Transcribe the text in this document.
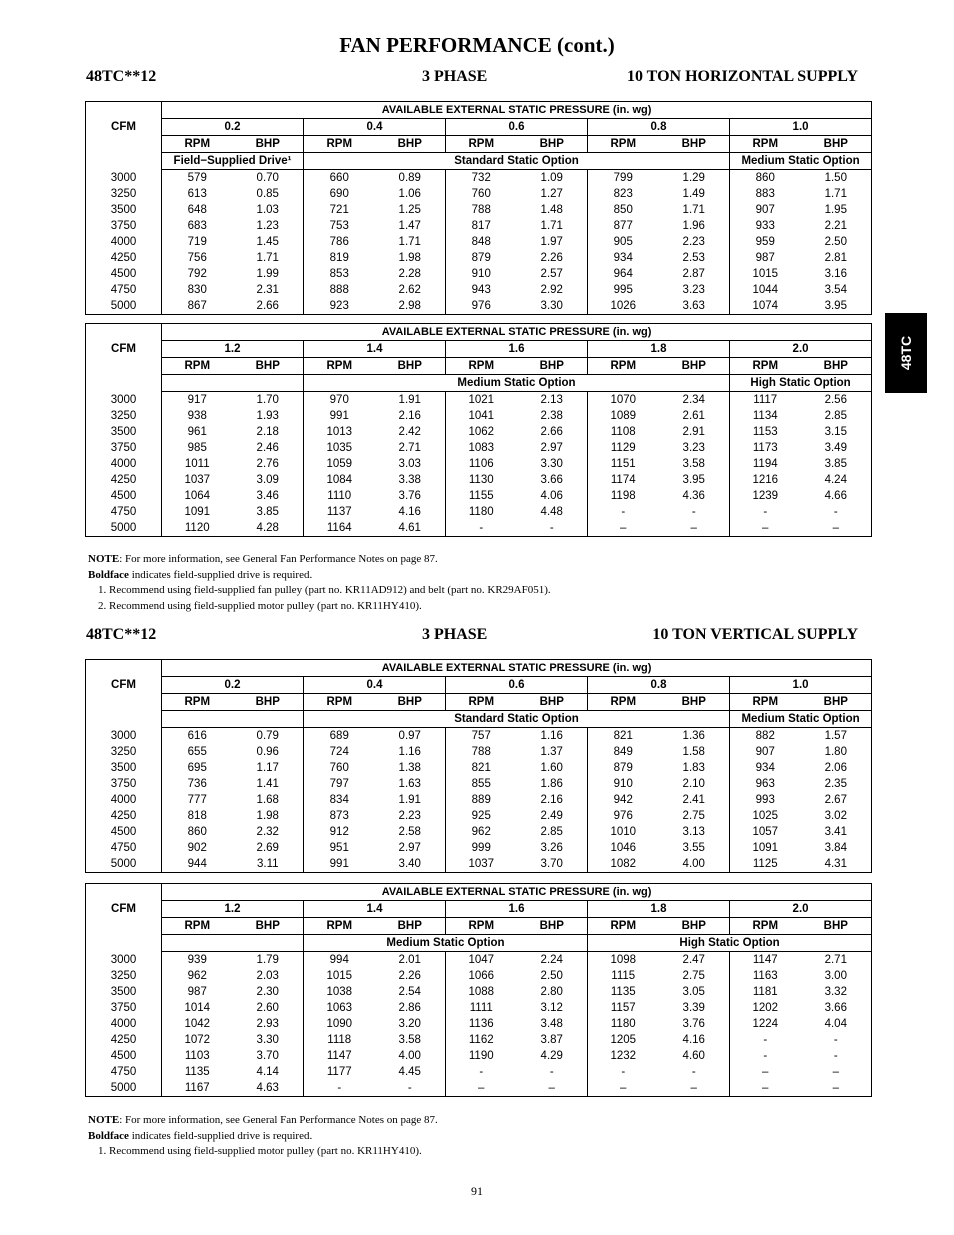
FAN PERFORMANCE (cont.)
48TC**12	3 PHASE	10 TON HORIZONTAL SUPPLY
CFM	AVAILABLE EXTERNAL STATIC PRESSURE (in. wg)									
	0.2		0.4		0.6		0.8		1.0	
	RPM	BHP	RPM	BHP	RPM	BHP	RPM	BHP	RPM	BHP
	Field−Supplied Drive¹		Standard Static Option						Medium Static Option	
3000	579	0.70	660	0.89	732	1.09	799	1.29	860	1.50
3250	613	0.85	690	1.06	760	1.27	823	1.49	883	1.71
3500	648	1.03	721	1.25	788	1.48	850	1.71	907	1.95
3750	683	1.23	753	1.47	817	1.71	877	1.96	933	2.21
4000	719	1.45	786	1.71	848	1.97	905	2.23	959	2.50
4250	756	1.71	819	1.98	879	2.26	934	2.53	987	2.81
4500	792	1.99	853	2.28	910	2.57	964	2.87	1015	3.16
4750	830	2.31	888	2.62	943	2.92	995	3.23	1044	3.54
5000	867	2.66	923	2.98	976	3.30	1026	3.63	1074	3.95
CFM	AVAILABLE EXTERNAL STATIC PRESSURE (in. wg)									
	1.2		1.4		1.6		1.8		2.0	
	RPM	BHP	RPM	BHP	RPM	BHP	RPM	BHP	RPM	BHP
			Medium Static Option						High Static Option	
3000	917	1.70	970	1.91	1021	2.13	1070	2.34	1117	2.56
3250	938	1.93	991	2.16	1041	2.38	1089	2.61	1134	2.85
3500	961	2.18	1013	2.42	1062	2.66	1108	2.91	1153	3.15
3750	985	2.46	1035	2.71	1083	2.97	1129	3.23	1173	3.49
4000	1011	2.76	1059	3.03	1106	3.30	1151	3.58	1194	3.85
4250	1037	3.09	1084	3.38	1130	3.66	1174	3.95	1216	4.24
4500	1064	3.46	1110	3.76	1155	4.06	1198	4.36	1239	4.66
4750	1091	3.85	1137	4.16	1180	4.48	-	-	-	-
5000	1120	4.28	1164	4.61	-	-	–	–	–	–
NOTE: For more information, see General Fan Performance Notes on page 87.
Boldface indicates field-supplied drive is required.
1. Recommend using field-supplied fan pulley (part no. KR11AD912) and belt (part no. KR29AF051).
2. Recommend using field-supplied motor pulley (part no. KR11HY410).
48TC**12	3 PHASE	10 TON VERTICAL SUPPLY
CFM	AVAILABLE EXTERNAL STATIC PRESSURE (in. wg)									
	0.2		0.4		0.6		0.8		1.0	
	RPM	BHP	RPM	BHP	RPM	BHP	RPM	BHP	RPM	BHP
			Standard Static Option						Medium Static Option	
3000	616	0.79	689	0.97	757	1.16	821	1.36	882	1.57
3250	655	0.96	724	1.16	788	1.37	849	1.58	907	1.80
3500	695	1.17	760	1.38	821	1.60	879	1.83	934	2.06
3750	736	1.41	797	1.63	855	1.86	910	2.10	963	2.35
4000	777	1.68	834	1.91	889	2.16	942	2.41	993	2.67
4250	818	1.98	873	2.23	925	2.49	976	2.75	1025	3.02
4500	860	2.32	912	2.58	962	2.85	1010	3.13	1057	3.41
4750	902	2.69	951	2.97	999	3.26	1046	3.55	1091	3.84
5000	944	3.11	991	3.40	1037	3.70	1082	4.00	1125	4.31
CFM	AVAILABLE EXTERNAL STATIC PRESSURE (in. wg)									
	1.2		1.4		1.6		1.8		2.0	
	RPM	BHP	RPM	BHP	RPM	BHP	RPM	BHP	RPM	BHP
			Medium Static Option				High Static Option			
3000	939	1.79	994	2.01	1047	2.24	1098	2.47	1147	2.71
3250	962	2.03	1015	2.26	1066	2.50	1115	2.75	1163	3.00
3500	987	2.30	1038	2.54	1088	2.80	1135	3.05	1181	3.32
3750	1014	2.60	1063	2.86	1111	3.12	1157	3.39	1202	3.66
4000	1042	2.93	1090	3.20	1136	3.48	1180	3.76	1224	4.04
4250	1072	3.30	1118	3.58	1162	3.87	1205	4.16	-	-
4500	1103	3.70	1147	4.00	1190	4.29	1232	4.60	-	-
4750	1135	4.14	1177	4.45	-	-	-	-	–	–
5000	1167	4.63	-	-	–	–	–	–	–	–
NOTE: For more information, see General Fan Performance Notes on page 87.
Boldface indicates field-supplied drive is required.
1. Recommend using field-supplied motor pulley (part no. KR11HY410).
48TC
91
